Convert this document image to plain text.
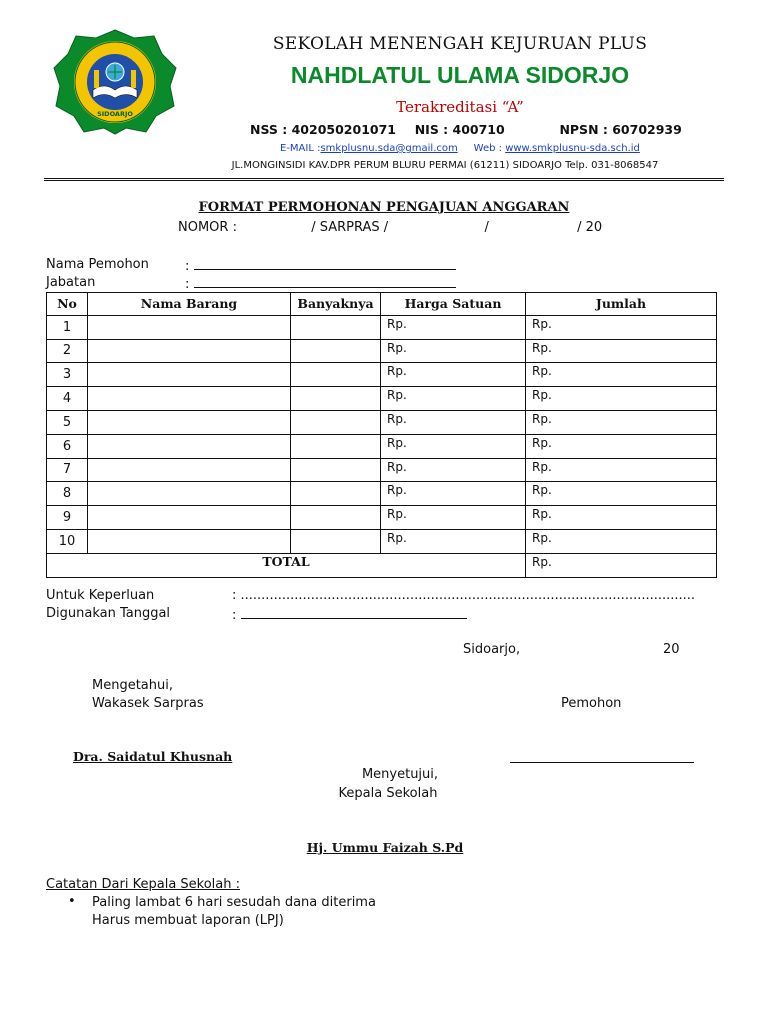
SIDOARJO
SEKOLAH MENENGAH KEJURUAN PLUS
NAHDLATUL ULAMA SIDORJO
Terakreditasi “A”
NSS : 402050201071 NIS : 400710	NPSN : 60702939
E-MAIL :smkplusnu.sda@gmail.com Web : www.smkplusnu-sda.sch.id
JL.MONGINSIDI KAV.DPR PERUM BLURU PERMAI (61211) SIDOARJO Telp. 031-8068547
FORMAT PERMOHONAN PENGAJUAN ANGGARAN
NOMOR :	/ SARPRAS /	/	/ 20
Nama Pemohon	:
Jabatan	:
No	Nama Barang	Banyaknya	Harga Satuan	Jumlah
1			Rp.	Rp.
2			Rp.	Rp.
3			Rp.	Rp.
4			Rp.	Rp.
5			Rp.	Rp.
6			Rp.	Rp.
7			Rp.	Rp.
8			Rp.	Rp.
9			Rp.	Rp.
10			Rp.	Rp.
TOTAL				Rp.
Untuk Keperluan	: ..............................................................................................................
Digunakan Tanggal	:
Sidoarjo,	20
Mengetahui,
Wakasek Sarpras	Pemohon
Dra. Saidatul Khusnah
Menyetujui,
Kepala Sekolah
Hj. Ummu Faizah S.Pd
Catatan Dari Kepala Sekolah :
• Paling lambat 6 hari sesudah dana diterima
Harus membuat laporan (LPJ)
